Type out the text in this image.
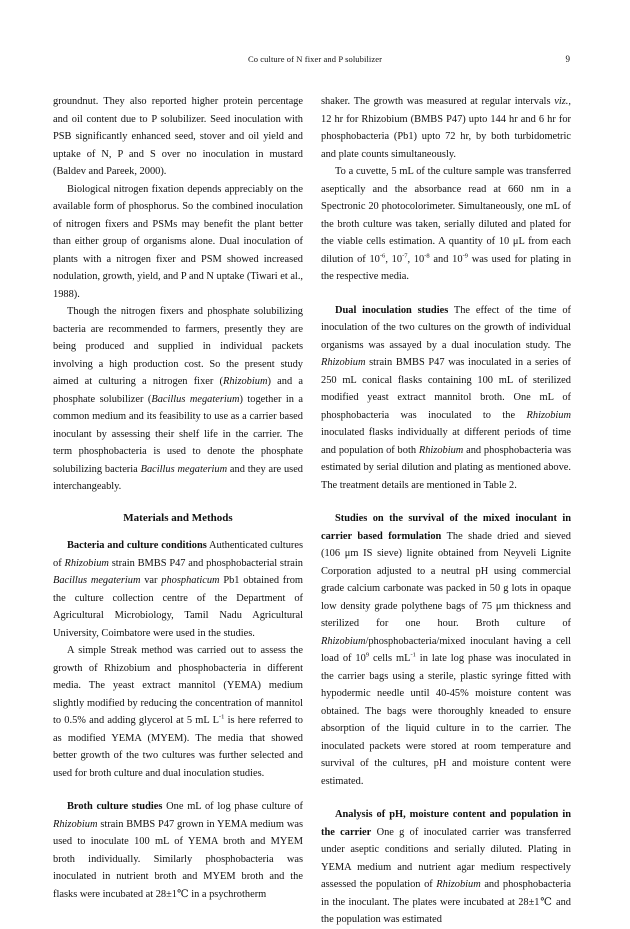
Co culture of N fixer and P solubilizer	9

groundnut. They also reported higher protein percentage and oil content due to P solubilizer. Seed inoculation with PSB significantly enhanced seed, stover and oil yield and uptake of N, P and S over no inoculation in mustard (Baldev and Pareek, 2000).

Biological nitrogen fixation depends appreciably on the available form of phosphorus. So the combined inoculation of nitrogen fixers and PSMs may benefit the plant better than either group of organisms alone. Dual inoculation of plants with a nitrogen fixer and PSM showed increased nodulation, growth, yield, and P and N uptake (Tiwari et al., 1988).

Though the nitrogen fixers and phosphate solubilizing bacteria are recommended to farmers, presently they are being produced and supplied in individual packets involving a high production cost. So the present study aimed at culturing a nitrogen fixer (Rhizobium) and a phosphate solubilizer (Bacillus megaterium) together in a common medium and its feasibility to use as a carrier based inoculant by assessing their shelf life in the carrier. The term phosphobacteria is used to denote the phosphate solubilizing bacteria Bacillus megaterium and they are used interchangeably.

Materials and Methods

Bacteria and culture conditions Authenticated cultures of Rhizobium strain BMBS P47 and phosphobacterial strain Bacillus megaterium var phosphaticum Pb1 obtained from the culture collection centre of the Department of Agricultural Microbiology, Tamil Nadu Agricultural University, Coimbatore were used in the studies.

A simple Streak method was carried out to assess the growth of Rhizobium and phosphobacteria in different media. The yeast extract mannitol (YEMA) medium slightly modified by reducing the concentration of mannitol to 0.5% and adding glycerol at 5 mL $L^{-1}$ is here referred to as modified YEMA (MYEM). The media that showed better growth of the two cultures was further selected and used for broth culture and dual inoculation studies.

Broth culture studies One mL of log phase culture of Rhizobium strain BMBS P47 grown in YEMA medium was used to inoculate 100 mL of YEMA broth and MYEM broth individually. Similarly phosphobacteria was inoculated in nutrient broth and MYEM broth and the flasks were incubated at 28±1℃ in a psychrotherm

shaker. The growth was measured at regular intervals viz., 12 hr for Rhizobium (BMBS P47) upto 144 hr and 6 hr for phosphobacteria (Pb1) upto 72 hr, by both turbidometric and plate counts simultaneously.

To a cuvette, 5 mL of the culture sample was transferred aseptically and the absorbance read at 660 nm in a Spectronic 20 photocolorimeter. Simultaneously, one mL of the broth culture was taken, serially diluted and plated for the viable cells estimation. A quantity of 10 μL from each dilution of $10^{-6}$, $10^{-7}$, $10^{-8}$ and $10^{-9}$ was used for plating in the respective media.

Dual inoculation studies The effect of the time of inoculation of the two cultures on the growth of individual organisms was assayed by a dual inoculation study. The Rhizobium strain BMBS P47 was inoculated in a series of 250 mL conical flasks containing 100 mL of sterilized modified yeast extract mannitol broth. One mL of phosphobacteria was inoculated to the Rhizobium inoculated flasks individually at different periods of time and population of both Rhizobium and phosphobacteria was estimated by serial dilution and plating as mentioned above. The treatment details are mentioned in Table 2.

Studies on the survival of the mixed inoculant in carrier based formulation The shade dried and sieved (106 μm IS sieve) lignite obtained from Neyveli Lignite Corporation adjusted to a neutral pH using commercial grade calcium carbonate was packed in 50 g lots in opaque low density grade polythene bags of 75 μm thickness and sterilized for one hour. Broth culture of Rhizobium/phosphobacteria/mixed inoculant having a cell load of $10^9$ cells $mL^{-1}$ in late log phase was inoculated in the carrier bags using a sterile, plastic syringe fitted with hypodermic needle until 40-45% moisture content was obtained. The bags were thoroughly kneaded to ensure absorption of the liquid culture in to the carrier. The inoculated packets were stored at room temperature and survival of the cultures, pH and moisture content were estimated.

Analysis of pH, moisture content and population in the carrier One g of inoculated carrier was transferred under aseptic conditions and serially diluted. Plating in YEMA medium and nutrient agar medium respectively assessed the population of Rhizobium and phosphobacteria in the inoculant. The plates were incubated at 28±1℃ and the population was estimated
